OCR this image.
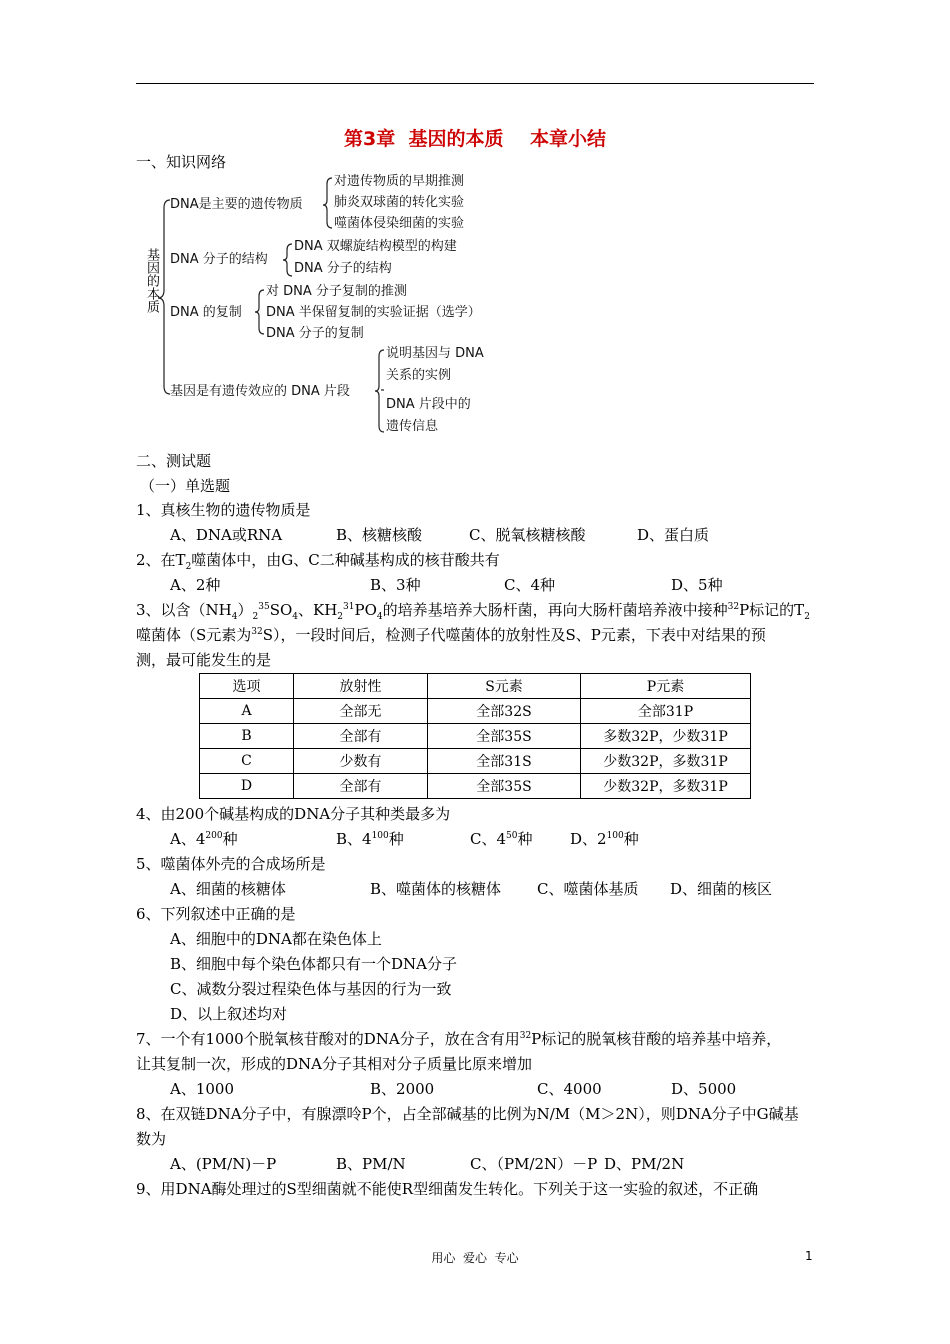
第3章  基因的本质    本章小结
一、知识网络
基因的本质
DNA是主要的遗传物质
对遗传物质的早期推测
肺炎双球菌的转化实验
噬菌体侵染细菌的实验
DNA 分子的结构
DNA 双螺旋结构模型的构建
DNA 分子的结构
DNA 的复制
对 DNA 分子复制的推测
DNA 半保留复制的实验证据（选学）
DNA 分子的复制
基因是有遗传效应的 DNA 片段
说明基因与 DNA
关系的实例
DNA 片段中的
遗传信息
二、测试题
（一）单选题
1、真核生物的遗传物质是
A、DNA或RNA	B、核糖核酸	C、脱氧核糖核酸	D、蛋白质
2、在$T_2$噬菌体中，由G、C二种碱基构成的核苷酸共有
A、2种	B、3种	C、4种	D、5种
3、以含$(NH_4)_2^{35}SO_4$、$KH_2^{31}PO_4$的培养基培养大肠杆菌，再向大肠杆菌培养液中接种$^{32}$P标记的$T_2$
噬菌体（S元素为$^{32}$S），一段时间后，检测子代噬菌体的放射性及S、P元素，下表中对结果的预
测，最可能发生的是
选项	放射性	S元素	P元素
A	全部无	全部32S	全部31P
B	全部有	全部35S	多数32P，少数31P
C	少数有	全部31S	少数32P，多数31P
D	全部有	全部35S	少数32P，多数31P
4、由200个碱基构成的DNA分子其种类最多为
A、$4^{200}$种	B、$4^{100}$种	C、$4^{50}$种	D、$2^{100}$种
5、噬菌体外壳的合成场所是
A、细菌的核糖体	B、噬菌体的核糖体 C、噬菌体基质 D、细菌的核区
6、下列叙述中正确的是
A、细胞中的DNA都在染色体上
B、细胞中每个染色体都只有一个DNA分子
C、减数分裂过程染色体与基因的行为一致
D、以上叙述均对
7、一个有1000个脱氧核苷酸对的DNA分子，放在含有用$^{32}$P标记的脱氧核苷酸的培养基中培养，
让其复制一次，形成的DNA分子其相对分子质量比原来增加
A、1000	B、2000	C、4000	D、5000
8、在双链DNA分子中，有腺漂呤P个，占全部碱基的比例为N/M（M＞2N），则DNA分子中G碱基
数为
A、(PM/N)－P	B、PM/N	C、（PM/2N）－P D、PM/2N
9、用DNA酶处理过的S型细菌就不能使R型细菌发生转化。下列关于这一实验的叙述，不正确
用心  爱心  专心	1
